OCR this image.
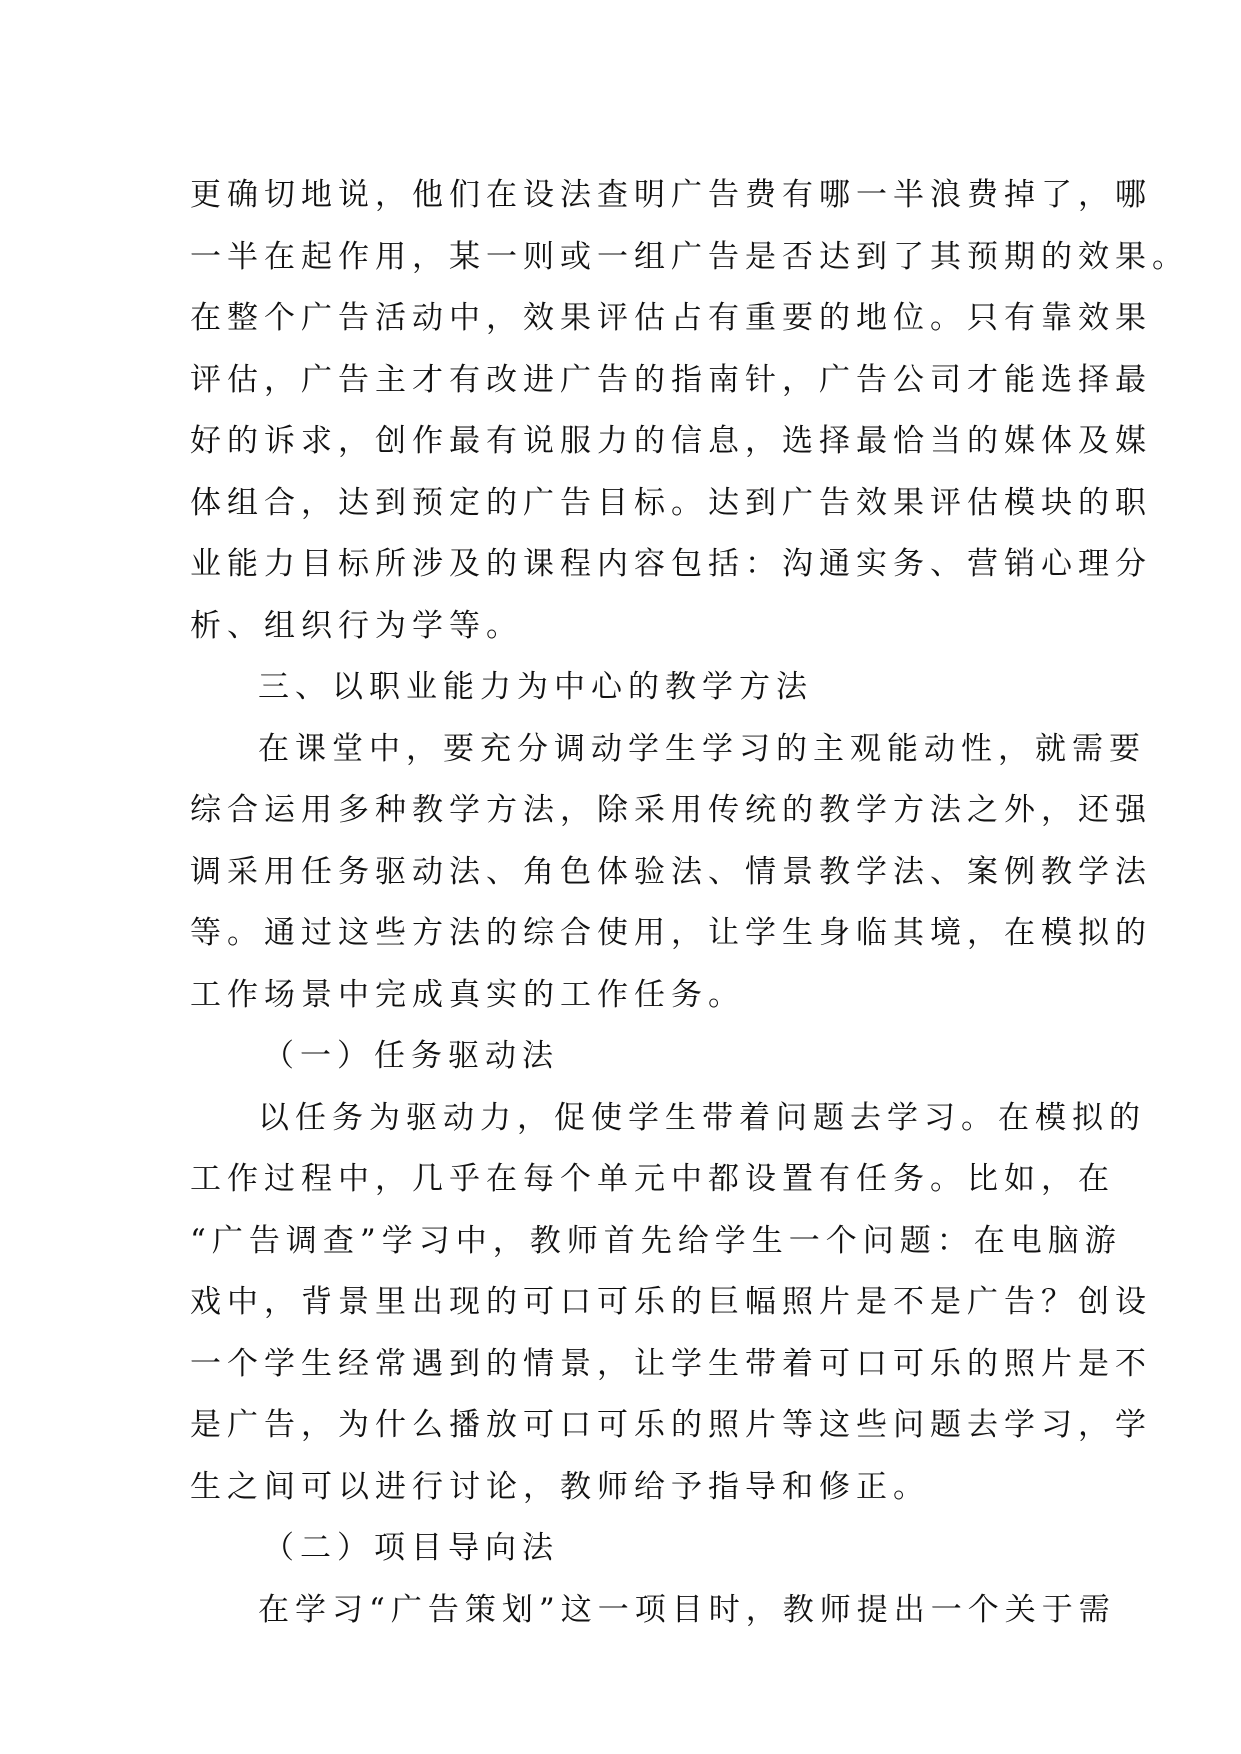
更确切地说，他们在设法查明广告费有哪一半浪费掉了，哪
一半在起作用，某一则或一组广告是否达到了其预期的效果。
在整个广告活动中，效果评估占有重要的地位。只有靠效果
评估，广告主才有改进广告的指南针，广告公司才能选择最
好的诉求，创作最有说服力的信息，选择最恰当的媒体及媒
体组合，达到预定的广告目标。达到广告效果评估模块的职
业能力目标所涉及的课程内容包括：沟通实务、营销心理分
析、组织行为学等。
三、以职业能力为中心的教学方法
在课堂中，要充分调动学生学习的主观能动性，就需要
综合运用多种教学方法，除采用传统的教学方法之外，还强
调采用任务驱动法、角色体验法、情景教学法、案例教学法
等。通过这些方法的综合使用，让学生身临其境，在模拟的
工作场景中完成真实的工作任务。
（一）任务驱动法
以任务为驱动力，促使学生带着问题去学习。在模拟的
工作过程中，几乎在每个单元中都设置有任务。比如，在
“广告调查”学习中，教师首先给学生一个问题：在电脑游
戏中，背景里出现的可口可乐的巨幅照片是不是广告？创设
一个学生经常遇到的情景，让学生带着可口可乐的照片是不
是广告，为什么播放可口可乐的照片等这些问题去学习，学
生之间可以进行讨论，教师给予指导和修正。
（二）项目导向法
在学习“广告策划”这一项目时，教师提出一个关于需
